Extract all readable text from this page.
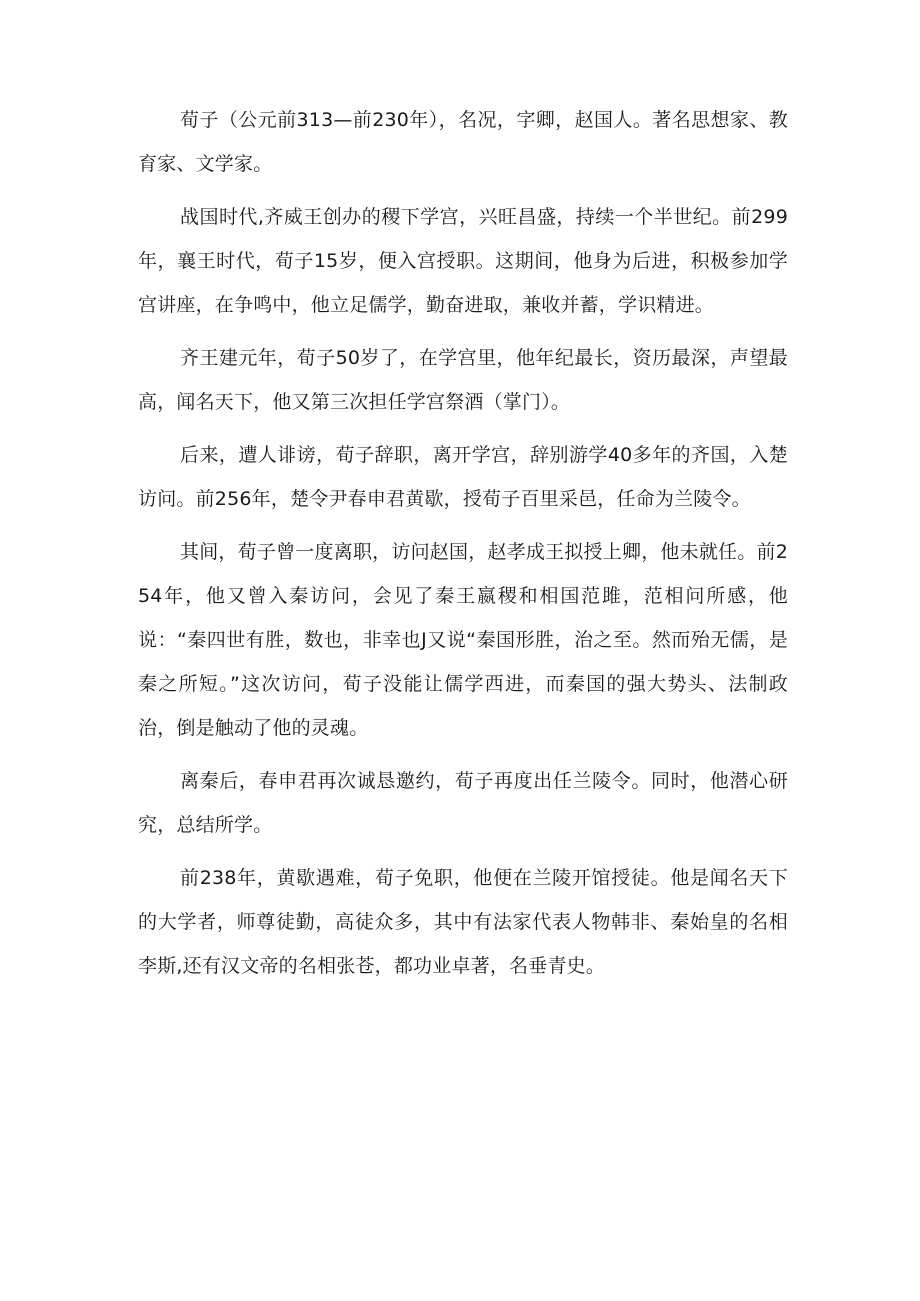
荀子（公元前313—前230年），名况，字卿，赵国人。著名思想家、教育家、文学家。

战国时代,齐威王创办的稷下学宫，兴旺昌盛，持续一个半世纪。前299年，襄王时代，荀子15岁，便入宫授职。这期间，他身为后进，积极参加学宫讲座，在争鸣中，他立足儒学，勤奋进取，兼收并蓄，学识精进。

齐王建元年，荀子50岁了，在学宫里，他年纪最长，资历最深，声望最高，闻名天下，他又第三次担任学宫祭酒（掌门）。

后来，遭人诽谤，荀子辞职，离开学宫，辞别游学40多年的齐国，入楚访问。前256年，楚令尹春申君黄歇，授荀子百里采邑，任命为兰陵令。

其间，荀子曾一度离职，访问赵国，赵孝成王拟授上卿，他未就任。前254年，他又曾入秦访问，会见了秦王嬴稷和相国范雎，范相问所感，他说：“秦四世有胜，数也，非幸也J又说“秦国形胜，治之至。然而殆无儒，是秦之所短。”这次访问，荀子没能让儒学西进，而秦国的强大势头、法制政治，倒是触动了他的灵魂。

离秦后，春申君再次诚恳邀约，荀子再度出任兰陵令。同时，他潜心研究，总结所学。

前238年，黄歇遇难，荀子免职，他便在兰陵开馆授徒。他是闻名天下的大学者，师尊徒勤，高徒众多，其中有法家代表人物韩非、秦始皇的名相李斯,还有汉文帝的名相张苍，都功业卓著，名垂青史。
